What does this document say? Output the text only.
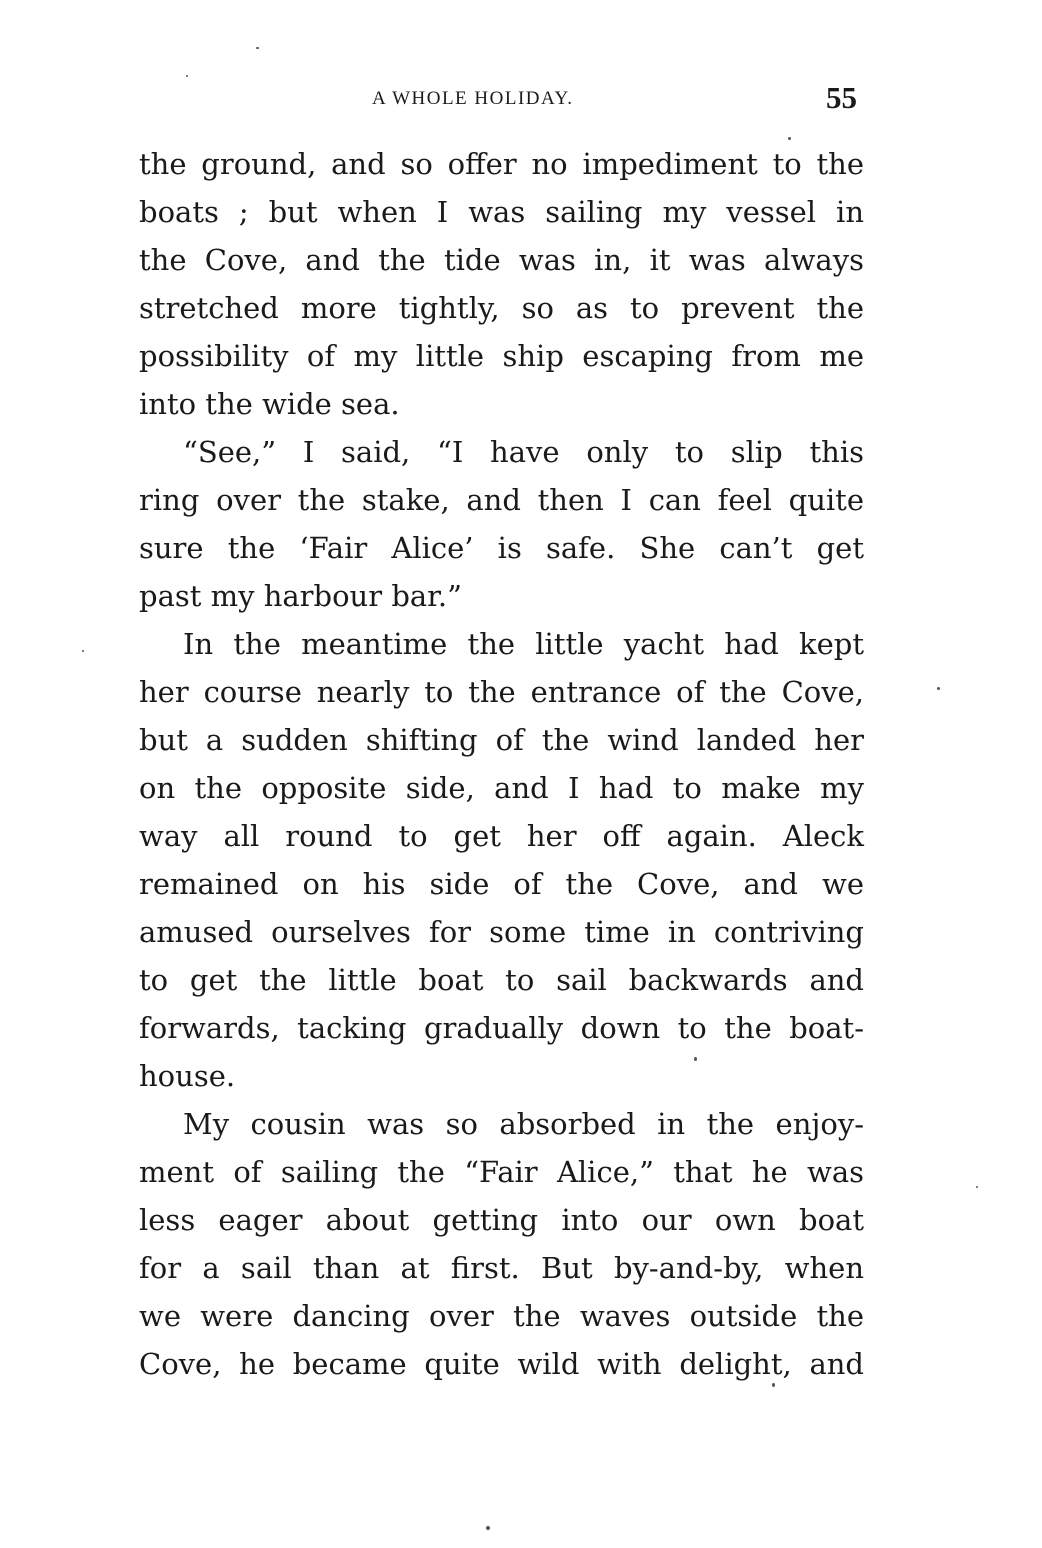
A WHOLE HOLIDAY.	55
the ground, and so offer no impediment to the
boats ; but when I was sailing my vessel in
the Cove, and the tide was in, it was always
stretched more tightly, so as to prevent the
possibility of my little ship escaping from me
into the wide sea.
“See,” I said, “I have only to slip this
ring over the stake, and then I can feel quite
sure the ‘Fair Alice’ is safe. She can’t get
past my harbour bar.”
In the meantime the little yacht had kept
her course nearly to the entrance of the Cove,
but a sudden shifting of the wind landed her
on the opposite side, and I had to make my
way all round to get her off again. Aleck
remained on his side of the Cove, and we
amused ourselves for some time in contriving
to get the little boat to sail backwards and
forwards, tacking gradually down to the boat-
house.
My cousin was so absorbed in the enjoy-
ment of sailing the “Fair Alice,” that he was
less eager about getting into our own boat
for a sail than at first. But by-and-by, when
we were dancing over the waves outside the
Cove, he became quite wild with delight, and
